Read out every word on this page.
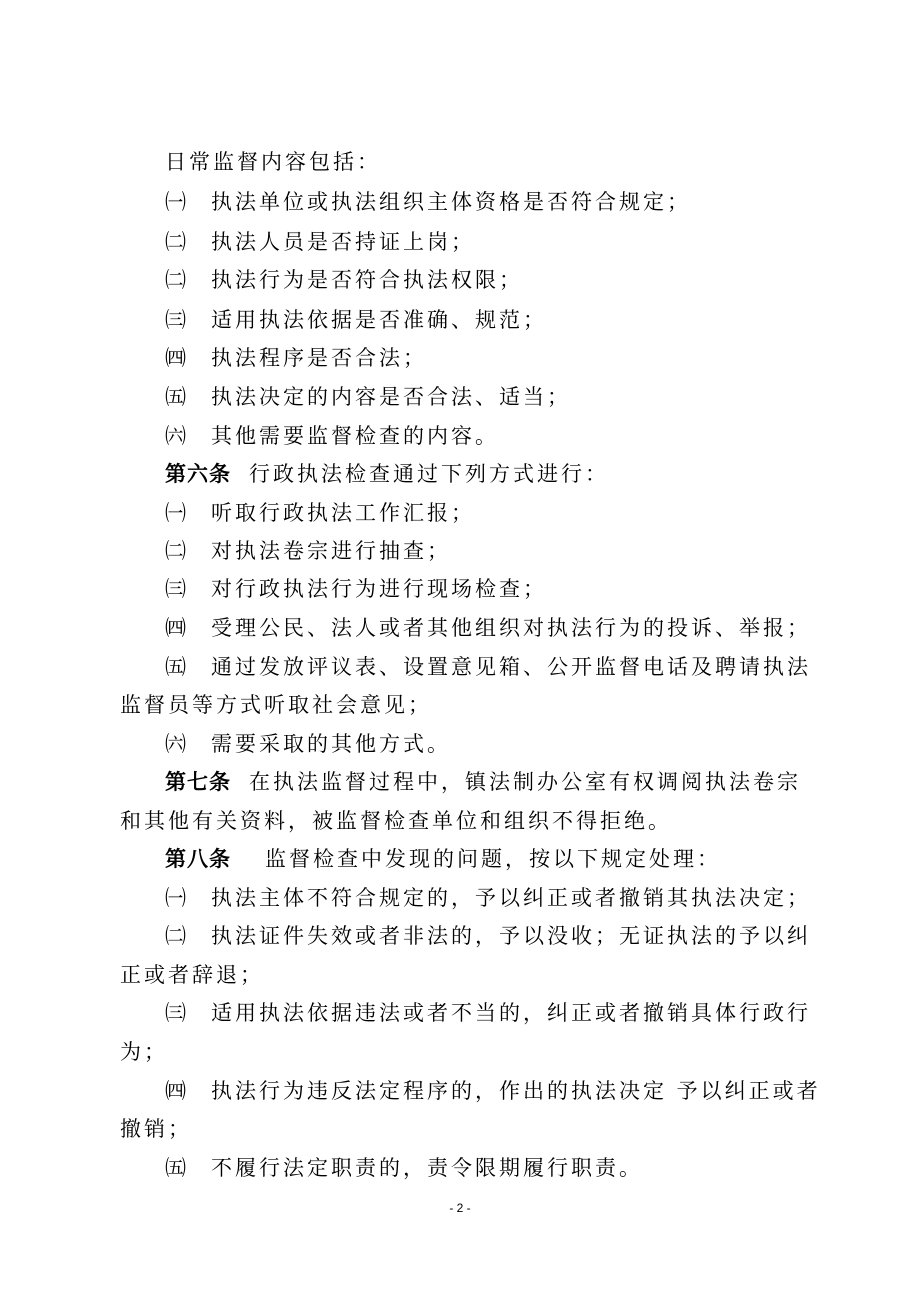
日常监督内容包括：
㈠ 执法单位或执法组织主体资格是否符合规定；
㈡ 执法人员是否持证上岗；
㈡ 执法行为是否符合执法权限；
㈢ 适用执法依据是否准确、规范；
㈣ 执法程序是否合法；
㈤ 执法决定的内容是否合法、适当；
㈥ 其他需要监督检查的内容。
第六条 行政执法检查通过下列方式进行：
㈠ 听取行政执法工作汇报；
㈡ 对执法卷宗进行抽查；
㈢ 对行政执法行为进行现场检查；
㈣ 受理公民、法人或者其他组织对执法行为的投诉、举报；
㈤ 通过发放评议表、设置意见箱、公开监督电话及聘请执法
监督员等方式听取社会意见；
㈥ 需要采取的其他方式。
第七条 在执法监督过程中，镇法制办公室有权调阅执法卷宗
和其他有关资料，被监督检查单位和组织不得拒绝。
第八条 监督检查中发现的问题，按以下规定处理：
㈠ 执法主体不符合规定的，予以纠正或者撤销其执法决定；
㈡ 执法证件失效或者非法的，予以没收；无证执法的予以纠
正或者辞退；
㈢ 适用执法依据违法或者不当的，纠正或者撤销具体行政行
为；
㈣ 执法行为违反法定程序的，作出的执法决定 予以纠正或者
撤销；
㈤ 不履行法定职责的，责令限期履行职责。
- 2 -
